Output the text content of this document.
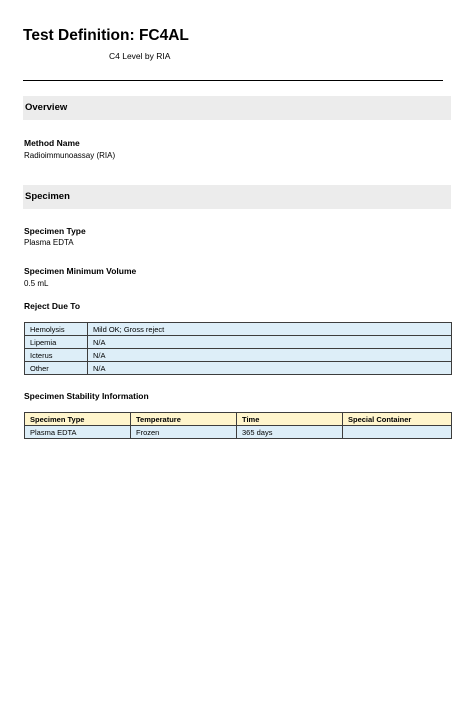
Test Definition: FC4AL
C4 Level by RIA
Overview
Method Name
Radioimmunoassay (RIA)
Specimen
Specimen Type
Plasma EDTA
Specimen Minimum Volume
0.5 mL
Reject Due To
Hemolysis	Mild OK; Gross reject
Lipemia	N/A
Icterus	N/A
Other	N/A
Specimen Stability Information
Specimen Type	Temperature	Time	Special Container
Plasma EDTA	Frozen	365 days	
